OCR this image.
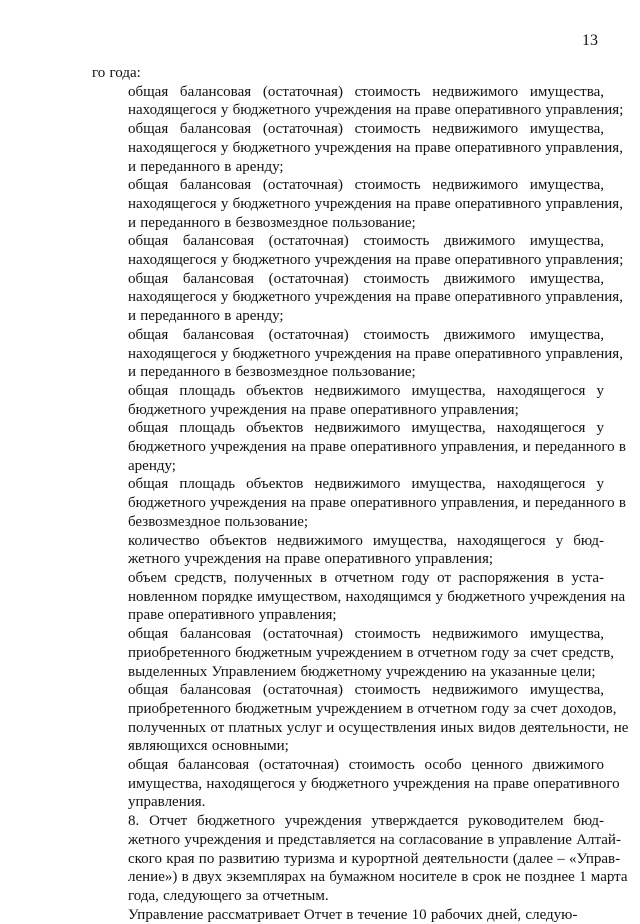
13

го года:

общая балансовая (остаточная) стоимость недвижимого имущества,
находящегося у бюджетного учреждения на праве оперативного управления;

общая балансовая (остаточная) стоимость недвижимого имущества,
находящегося у бюджетного учреждения на праве оперативного управления,
и переданного в аренду;

общая балансовая (остаточная) стоимость недвижимого имущества,
находящегося у бюджетного учреждения на праве оперативного управления,
и переданного в безвозмездное пользование;

общая балансовая (остаточная) стоимость движимого имущества,
находящегося у бюджетного учреждения на праве оперативного управления;

общая балансовая (остаточная) стоимость движимого имущества,
находящегося у бюджетного учреждения на праве оперативного управления,
и переданного в аренду;

общая балансовая (остаточная) стоимость движимого имущества,
находящегося у бюджетного учреждения на праве оперативного управления,
и переданного в безвозмездное пользование;

общая площадь объектов недвижимого имущества, находящегося у
бюджетного учреждения на праве оперативного управления;

общая площадь объектов недвижимого имущества, находящегося у
бюджетного учреждения на праве оперативного управления, и переданного в
аренду;

общая площадь объектов недвижимого имущества, находящегося у
бюджетного учреждения на праве оперативного управления, и переданного в
безвозмездное пользование;

количество объектов недвижимого имущества, находящегося у бюд-
жетного учреждения на праве оперативного управления;

объем средств, полученных в отчетном году от распоряжения в уста-
новленном порядке имуществом, находящимся у бюджетного учреждения на
праве оперативного управления;

общая балансовая (остаточная) стоимость недвижимого имущества,
приобретенного бюджетным учреждением в отчетном году за счет средств,
выделенных Управлением бюджетному учреждению на указанные цели;

общая балансовая (остаточная) стоимость недвижимого имущества,
приобретенного бюджетным учреждением в отчетном году за счет доходов,
полученных от платных услуг и осуществления иных видов деятельности, не
являющихся основными;

общая балансовая (остаточная) стоимость особо ценного движимого
имущества, находящегося у бюджетного учреждения на праве оперативного
управления.

8. Отчет бюджетного учреждения утверждается руководителем бюд-
жетного учреждения и представляется на согласование в управление Алтай-
ского края по развитию туризма и курортной деятельности (далее – «Управ-
ление») в двух экземплярах на бумажном носителе в срок не позднее 1 марта
года, следующего за отчетным.

Управление рассматривает Отчет в течение 10 рабочих дней, следую-
